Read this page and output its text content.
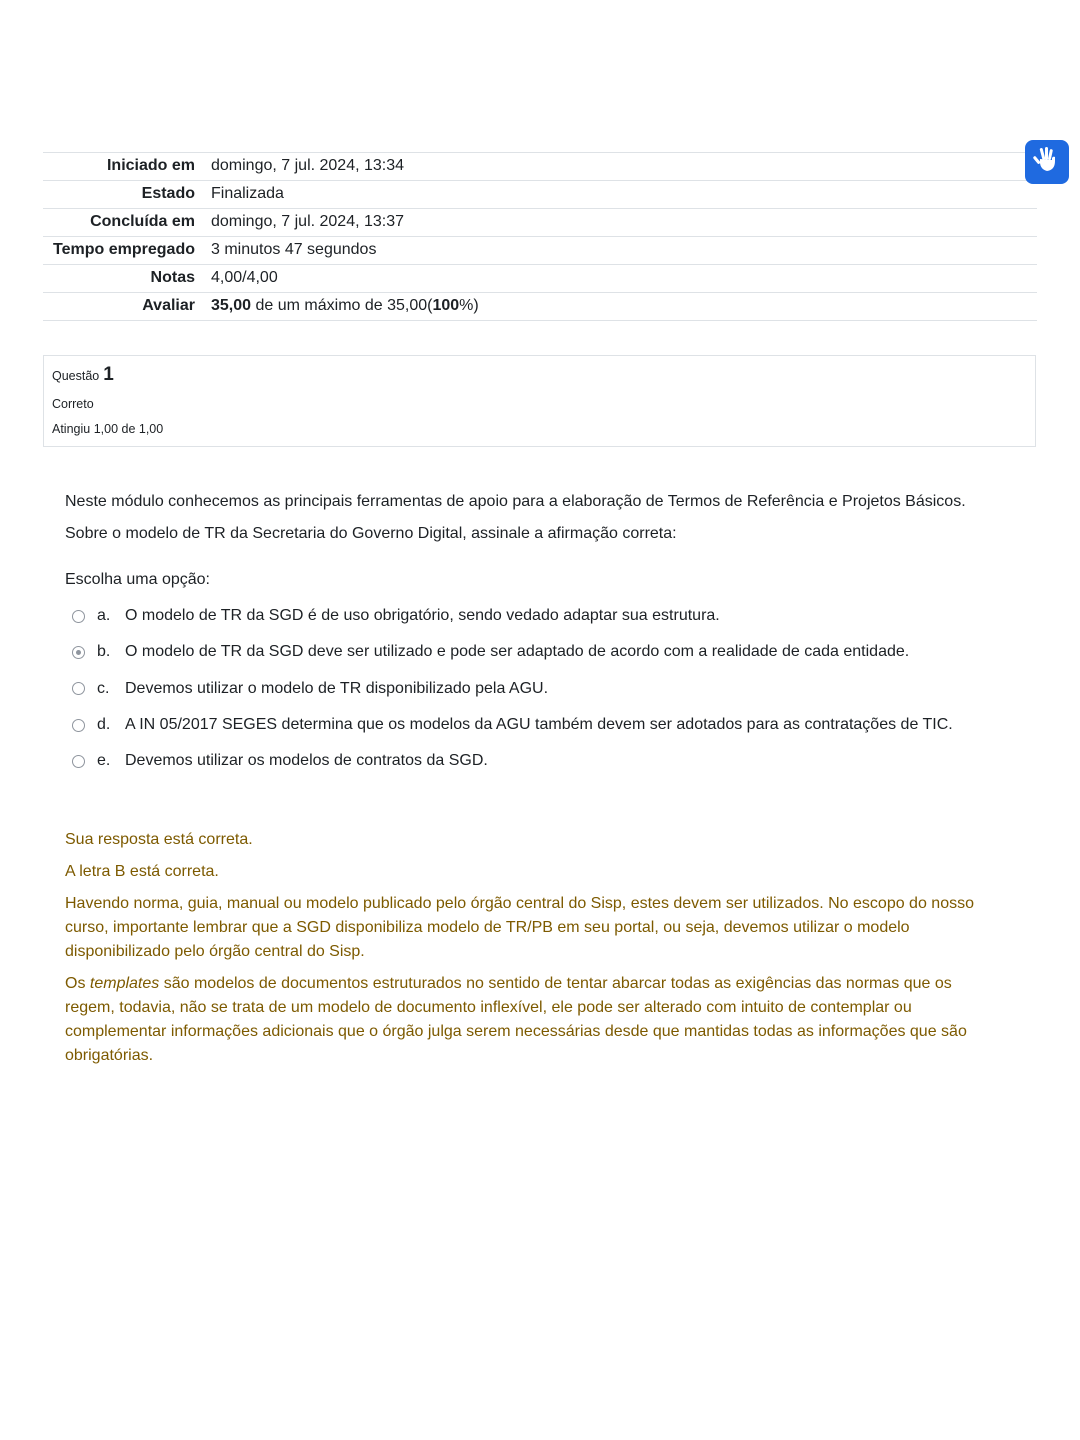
Iniciado em	domingo, 7 jul. 2024, 13:34
Estado	Finalizada
Concluída em	domingo, 7 jul. 2024, 13:37
Tempo empregado	3 minutos 47 segundos
Notas	4,00/4,00
Avaliar	35,00 de um máximo de 35,00(100%)
Questão 1
Correto
Atingiu 1,00 de 1,00

Neste módulo conhecemos as principais ferramentas de apoio para a elaboração de Termos de Referência e Projetos Básicos.

Sobre o modelo de TR da Secretaria do Governo Digital, assinale a afirmação correta:

Escolha uma opção:
a. O modelo de TR da SGD é de uso obrigatório, sendo vedado adaptar sua estrutura.
b. O modelo de TR da SGD deve ser utilizado e pode ser adaptado de acordo com a realidade de cada entidade.
c. Devemos utilizar o modelo de TR disponibilizado pela AGU.
d. A IN 05/2017 SEGES determina que os modelos da AGU também devem ser adotados para as contratações de TIC.
e. Devemos utilizar os modelos de contratos da SGD.

Sua resposta está correta.

A letra B está correta.

Havendo norma, guia, manual ou modelo publicado pelo órgão central do Sisp, estes devem ser utilizados. No escopo do nosso curso, importante lembrar que a SGD disponibiliza modelo de TR/PB em seu portal, ou seja, devemos utilizar o modelo disponibilizado pelo órgão central do Sisp.

Os templates são modelos de documentos estruturados no sentido de tentar abarcar todas as exigências das normas que os regem, todavia, não se trata de um modelo de documento inflexível, ele pode ser alterado com intuito de contemplar ou complementar informações adicionais que o órgão julga serem necessárias desde que mantidas todas as informações que são obrigatórias.
